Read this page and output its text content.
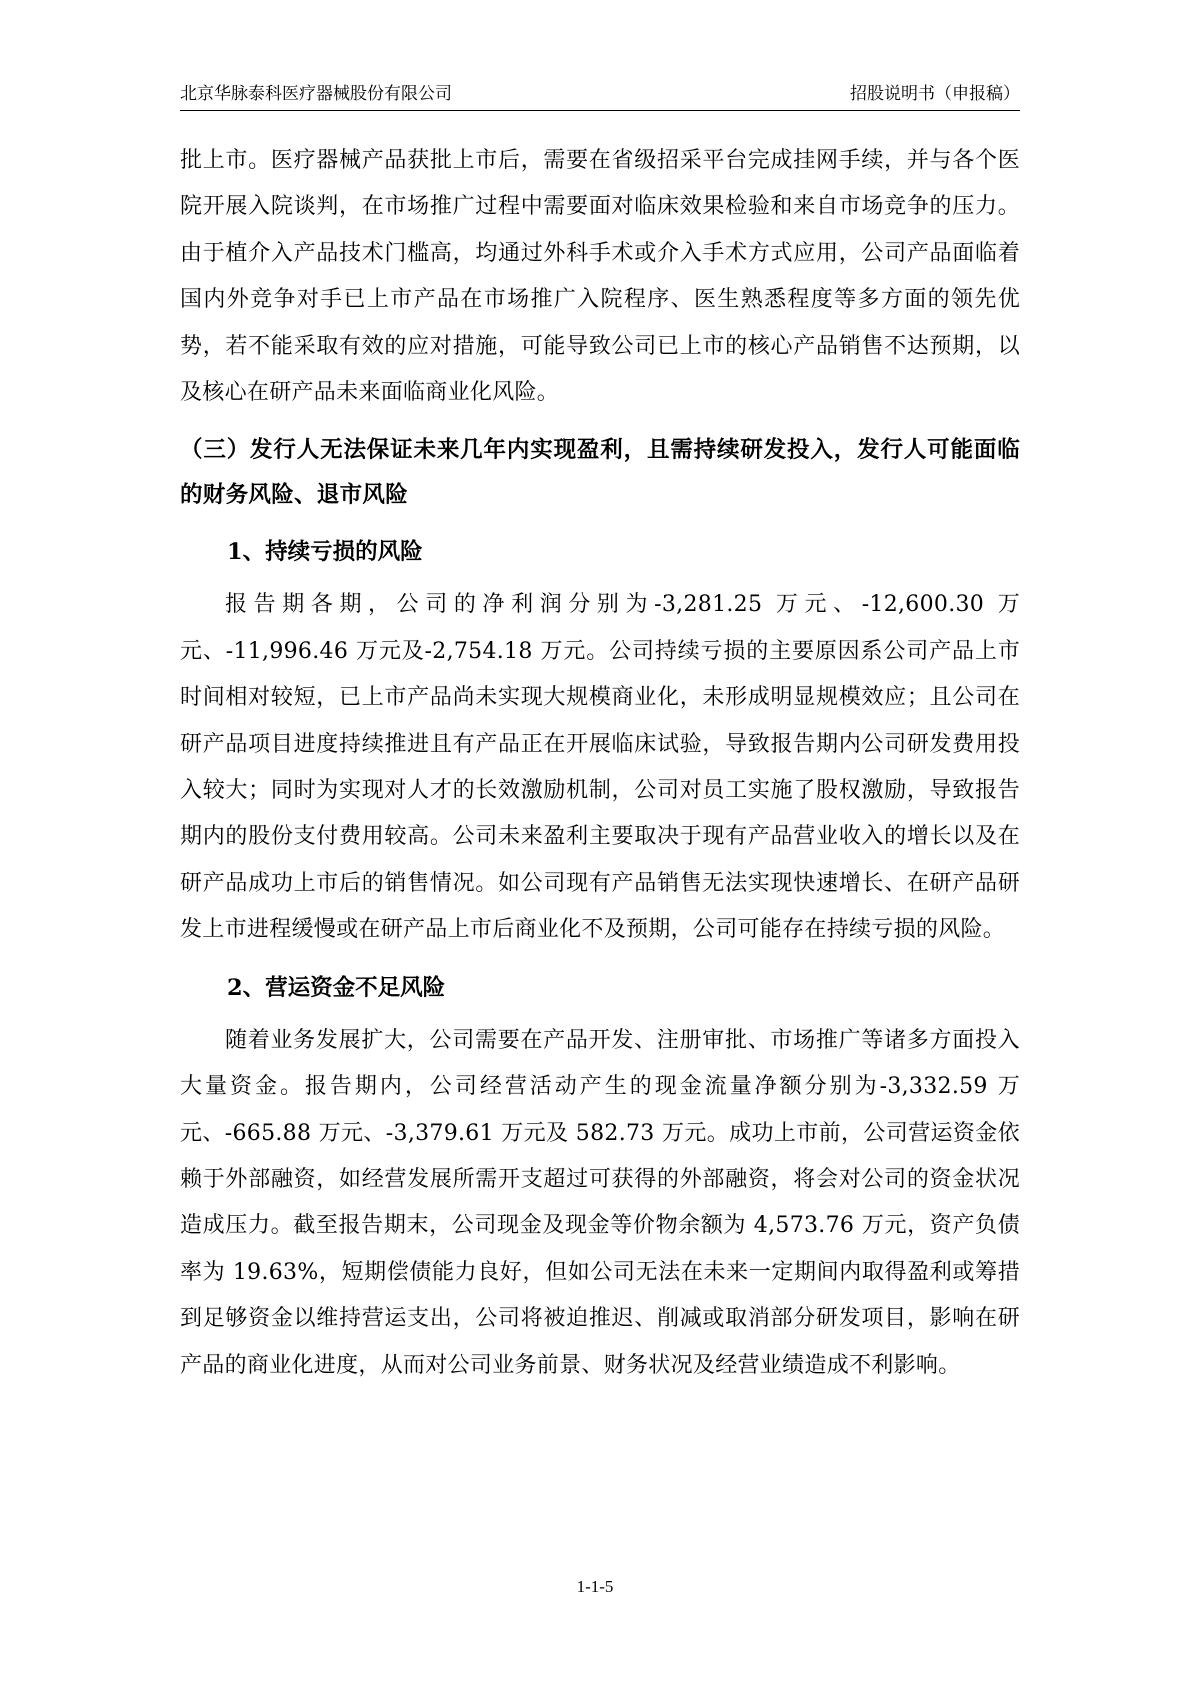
北京华脉泰科医疗器械股份有限公司	招股说明书（申报稿）

批上市。医疗器械产品获批上市后，需要在省级招采平台完成挂网手续，并与各个医院开展入院谈判，在市场推广过程中需要面对临床效果检验和来自市场竞争的压力。由于植介入产品技术门槛高，均通过外科手术或介入手术方式应用，公司产品面临着国内外竞争对手已上市产品在市场推广入院程序、医生熟悉程度等多方面的领先优势，若不能采取有效的应对措施，可能导致公司已上市的核心产品销售不达预期，以及核心在研产品未来面临商业化风险。

（三）发行人无法保证未来几年内实现盈利，且需持续研发投入，发行人可能面临的财务风险、退市风险
1、持续亏损的风险

报告期各期，公司的净利润分别为-3,281.25 万元、-12,600.30 万元、-11,996.46 万元及-2,754.18 万元。公司持续亏损的主要原因系公司产品上市时间相对较短，已上市产品尚未实现大规模商业化，未形成明显规模效应；且公司在研产品项目进度持续推进且有产品正在开展临床试验，导致报告期内公司研发费用投入较大；同时为实现对人才的长效激励机制，公司对员工实施了股权激励，导致报告期内的股份支付费用较高。公司未来盈利主要取决于现有产品营业收入的增长以及在研产品成功上市后的销售情况。如公司现有产品销售无法实现快速增长、在研产品研发上市进程缓慢或在研产品上市后商业化不及预期，公司可能存在持续亏损的风险。

2、营运资金不足风险

随着业务发展扩大，公司需要在产品开发、注册审批、市场推广等诸多方面投入大量资金。报告期内，公司经营活动产生的现金流量净额分别为-3,332.59 万元、-665.88 万元、-3,379.61 万元及 582.73 万元。成功上市前，公司营运资金依赖于外部融资，如经营发展所需开支超过可获得的外部融资，将会对公司的资金状况造成压力。截至报告期末，公司现金及现金等价物余额为 4,573.76 万元，资产负债率为 19.63%，短期偿债能力良好，但如公司无法在未来一定期间内取得盈利或筹措到足够资金以维持营运支出，公司将被迫推迟、削减或取消部分研发项目，影响在研产品的商业化进度，从而对公司业务前景、财务状况及经营业绩造成不利影响。

1-1-5
